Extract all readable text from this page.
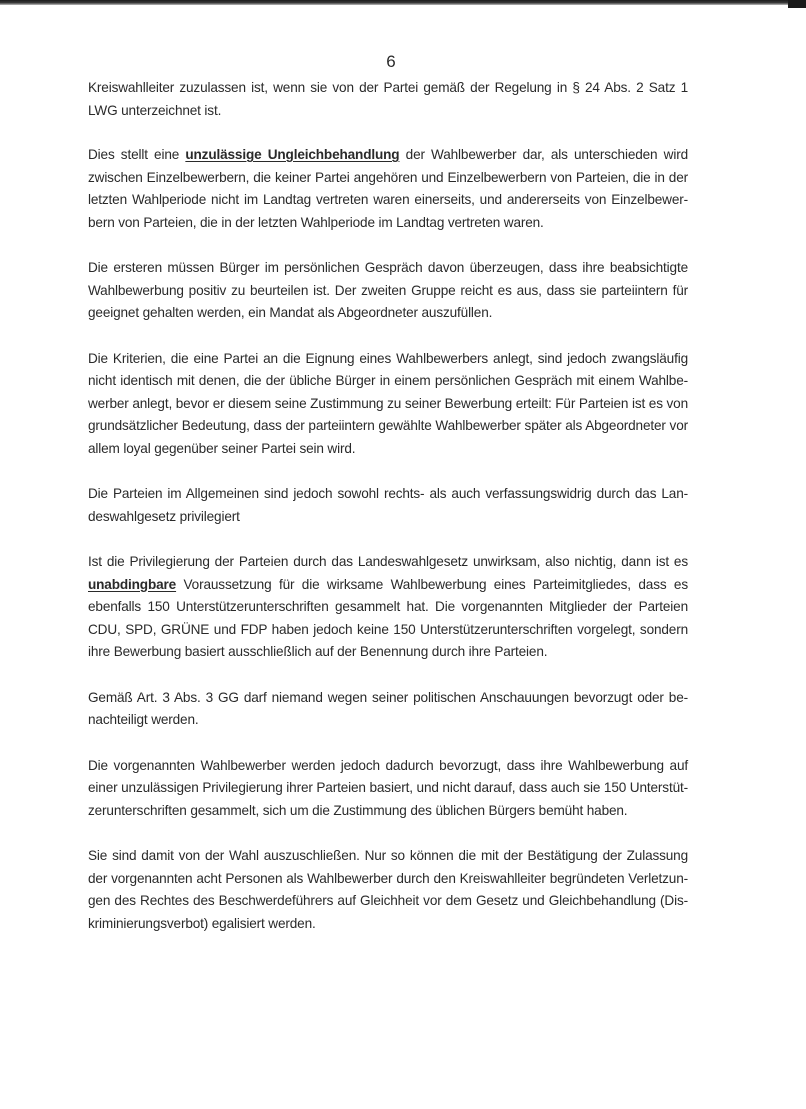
6
Kreiswahlleiter zuzulassen ist, wenn sie von der Partei gemäß der Regelung in § 24 Abs. 2 Satz 1
LWG unterzeichnet ist.
Dies stellt eine unzulässige Ungleichbehandlung der Wahlbewerber dar, als unterschieden wird
zwischen Einzelbewerbern, die keiner Partei angehören und Einzelbewerbern von Parteien, die in der
letzten Wahlperiode nicht im Landtag vertreten waren einerseits, und andererseits von Einzelbewer-
bern von Parteien, die in der letzten Wahlperiode im Landtag vertreten waren.
Die ersteren müssen Bürger im persönlichen Gespräch davon überzeugen, dass ihre beabsichtigte
Wahlbewerbung positiv zu beurteilen ist. Der zweiten Gruppe reicht es aus, dass sie parteiintern für
geeignet gehalten werden, ein Mandat als Abgeordneter auszufüllen.
Die Kriterien, die eine Partei an die Eignung eines Wahlbewerbers anlegt, sind jedoch zwangsläufig
nicht identisch mit denen, die der übliche Bürger in einem persönlichen Gespräch mit einem Wahlbe-
werber anlegt, bevor er diesem seine Zustimmung zu seiner Bewerbung erteilt: Für Parteien ist es von
grundsätzlicher Bedeutung, dass der parteiintern gewählte Wahlbewerber später als Abgeordneter vor
allem loyal gegenüber seiner Partei sein wird.
Die Parteien im Allgemeinen sind jedoch sowohl rechts- als auch verfassungswidrig durch das Lan-
deswahlgesetz privilegiert
Ist die Privilegierung der Parteien durch das Landeswahlgesetz unwirksam, also nichtig, dann ist es
unabdingbare Voraussetzung für die wirksame Wahlbewerbung eines Parteimitgliedes, dass es
ebenfalls 150 Unterstützerunterschriften gesammelt hat. Die vorgenannten Mitglieder der Parteien
CDU, SPD, GRÜNE und FDP haben jedoch keine 150 Unterstützerunterschriften vorgelegt, sondern
ihre Bewerbung basiert ausschließlich auf der Benennung durch ihre Parteien.
Gemäß Art. 3 Abs. 3 GG darf niemand wegen seiner politischen Anschauungen bevorzugt oder be-
nachteiligt werden.
Die vorgenannten Wahlbewerber werden jedoch dadurch bevorzugt, dass ihre Wahlbewerbung auf
einer unzulässigen Privilegierung ihrer Parteien basiert, und nicht darauf, dass auch sie 150 Unterstüt-
zerunterschriften gesammelt, sich um die Zustimmung des üblichen Bürgers bemüht haben.
Sie sind damit von der Wahl auszuschließen. Nur so können die mit der Bestätigung der Zulassung
der vorgenannten acht Personen als Wahlbewerber durch den Kreiswahlleiter begründeten Verletzun-
gen des Rechtes des Beschwerdeführers auf Gleichheit vor dem Gesetz und Gleichbehandlung (Dis-
kriminierungsverbot) egalisiert werden.
